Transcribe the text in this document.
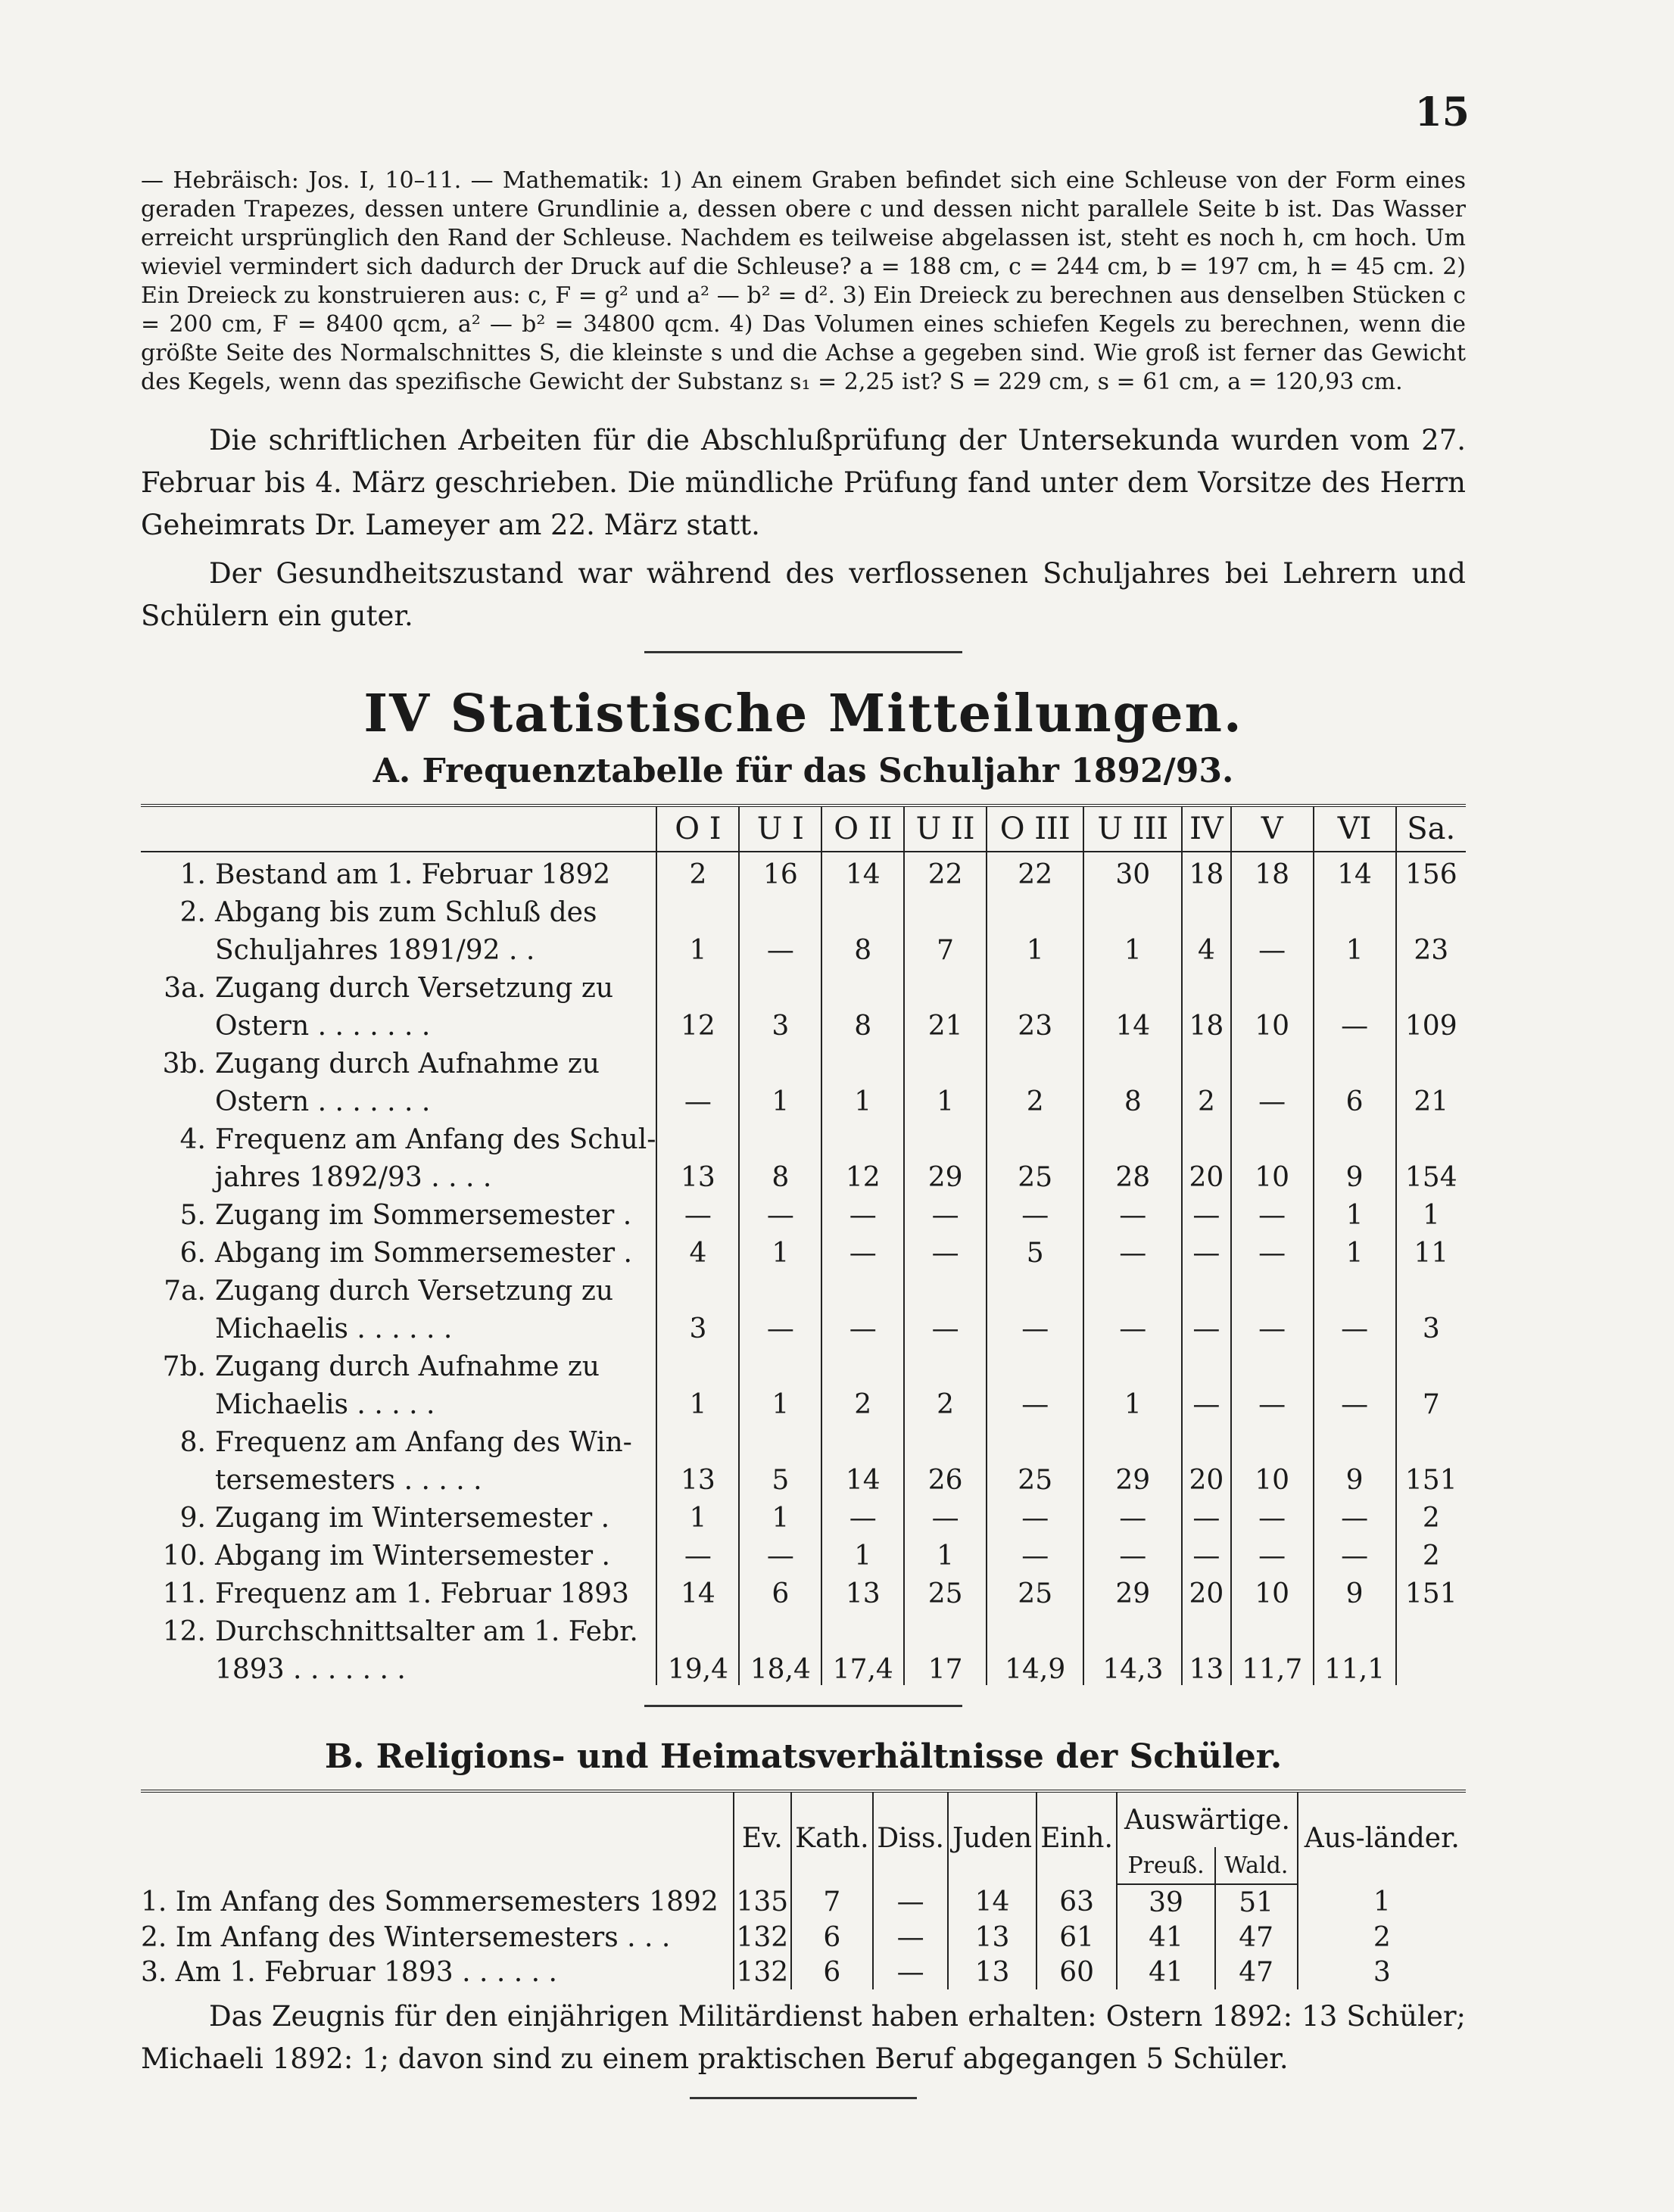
15

— Hebräisch: Jos. I, 10–11. — Mathematik: 1) An einem Graben befindet sich eine Schleuse von der Form eines geraden Trapezes, dessen untere Grundlinie a, dessen obere c und dessen nicht parallele Seite b ist. Das Wasser erreicht ursprünglich den Rand der Schleuse. Nachdem es teilweise abgelassen ist, steht es noch h, cm hoch. Um wieviel vermindert sich dadurch der Druck auf die Schleuse? a = 188 cm, c = 244 cm, b = 197 cm, h = 45 cm. 2) Ein Dreieck zu konstruieren aus: c, F = g² und a² — b² = d². 3) Ein Dreieck zu berechnen aus denselben Stücken c = 200 cm, F = 8400 qcm, a² — b² = 34800 qcm. 4) Das Volumen eines schiefen Kegels zu berechnen, wenn die größte Seite des Normalschnittes S, die kleinste s und die Achse a gegeben sind. Wie groß ist ferner das Gewicht des Kegels, wenn das spezifische Gewicht der Substanz s₁ = 2,25 ist? S = 229 cm, s = 61 cm, a = 120,93 cm.

Die schriftlichen Arbeiten für die Abschlußprüfung der Untersekunda wurden vom 27. Februar bis 4. März geschrieben. Die mündliche Prüfung fand unter dem Vorsitze des Herrn Geheimrats Dr. Lameyer am 22. März statt.

Der Gesundheitszustand war während des verflossenen Schuljahres bei Lehrern und Schülern ein guter.

IV Statistische Mitteilungen.
A. Frequenztabelle für das Schuljahr 1892/93.
	O I	U I	O II	U II	O III	U III	IV	V	VI	Sa.
1. Bestand am 1. Februar 1892	2	16	14	22	22	30	18	18	14	156
2. Abgang bis zum Schluß des										
Schuljahres 1891/92 . .	1	—	8	7	1	1	4	—	1	23
3a. Zugang durch Versetzung zu										
Ostern . . . . . . .	12	3	8	21	23	14	18	10	—	109
3b. Zugang durch Aufnahme zu										
Ostern . . . . . . .	—	1	1	1	2	8	2	—	6	21
4. Frequenz am Anfang des Schul-										
jahres 1892/93 . . . .	13	8	12	29	25	28	20	10	9	154
5. Zugang im Sommersemester .	—	—	—	—	—	—	—	—	1	1
6. Abgang im Sommersemester .	4	1	—	—	5	—	—	—	1	11
7a. Zugang durch Versetzung zu										
Michaelis . . . . . .	3	—	—	—	—	—	—	—	—	3
7b. Zugang durch Aufnahme zu										
Michaelis . . . . .	1	1	2	2	—	1	—	—	—	7
8. Frequenz am Anfang des Win-										
tersemesters . . . . .	13	5	14	26	25	29	20	10	9	151
9. Zugang im Wintersemester .	1	1	—	—	—	—	—	—	—	2
10. Abgang im Wintersemester .	—	—	1	1	—	—	—	—	—	2
11. Frequenz am 1. Februar 1893	14	6	13	25	25	29	20	10	9	151
12. Durchschnittsalter am 1. Febr.										
1893 . . . . . . .	19,4	18,4	17,4	17	14,9	14,3	13	11,7	11,1	
B. Religions- und Heimatsverhältnisse der Schüler.
	Ev.	Kath.	Diss.	Juden	Einh.	Auswärtige.		Aus-länder.
						Preuß.	Wald.	
1. Im Anfang des Sommersemesters 1892	135	7	—	14	63	39	51	1
2. Im Anfang des Wintersemesters . . .	132	6	—	13	61	41	47	2
3. Am 1. Februar 1893 . . . . . .	132	6	—	13	60	41	47	3

Das Zeugnis für den einjährigen Militärdienst haben erhalten: Ostern 1892: 13 Schüler; Michaeli 1892: 1; davon sind zu einem praktischen Beruf abgegangen 5 Schüler.
